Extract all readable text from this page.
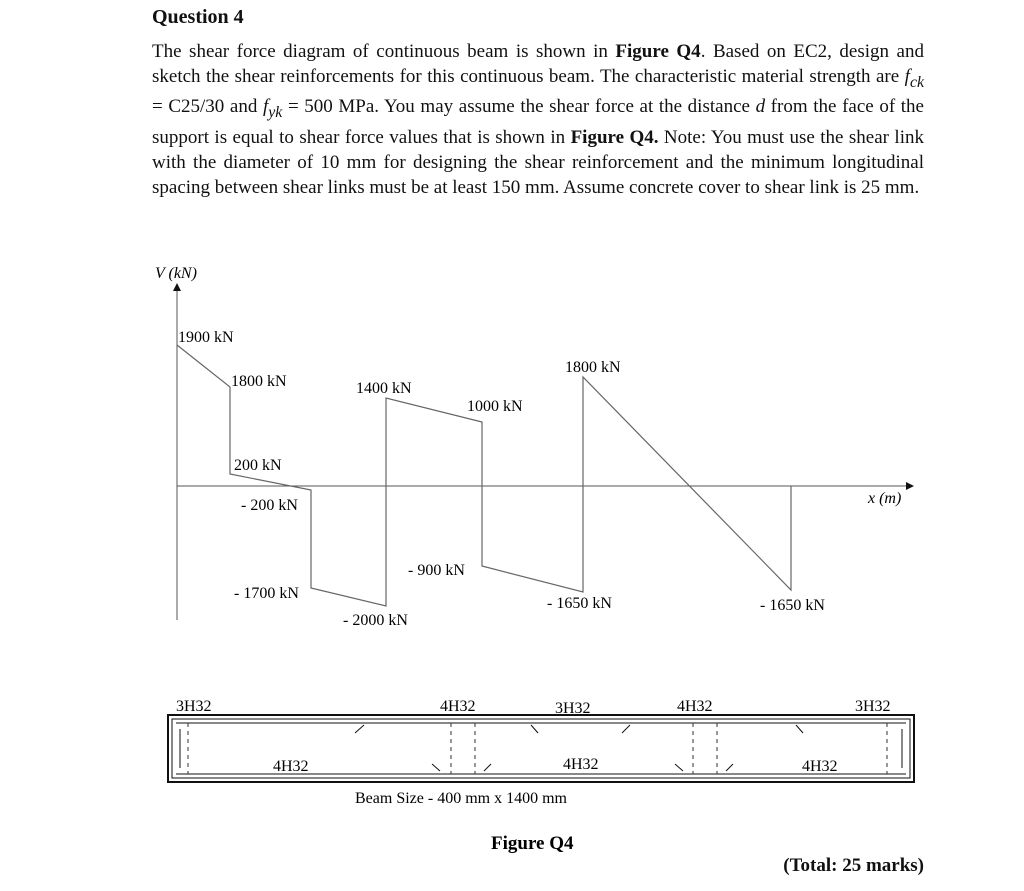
Question 4

The shear force diagram of continuous beam is shown in Figure Q4. Based on EC2, design and sketch the shear reinforcements for this continuous beam. The characteristic material strength are $f_{ck} = C25/30$ and $f_{yk} = 500$ MPa. You may assume the shear force at the distance d from the face of the support is equal to shear force values that is shown in Figure Q4. Note: You must use the shear link with the diameter of 10 mm for designing the shear reinforcement and the minimum longitudinal spacing between shear links must be at least 150 mm. Assume concrete cover to shear link is 25 mm.

V (kN)
x (m)
1900 kN
1800 kN
200 kN
- 200 kN
- 1700 kN
- 2000 kN
1400 kN
- 900 kN
1000 kN
- 1650 kN
1800 kN
- 1650 kN
3H32	4H32	3H32	4H32	3H32
4H32	4H32	4H32
Beam Size - 400 mm x 1400 mm
Figure Q4
(Total: 25 marks)
